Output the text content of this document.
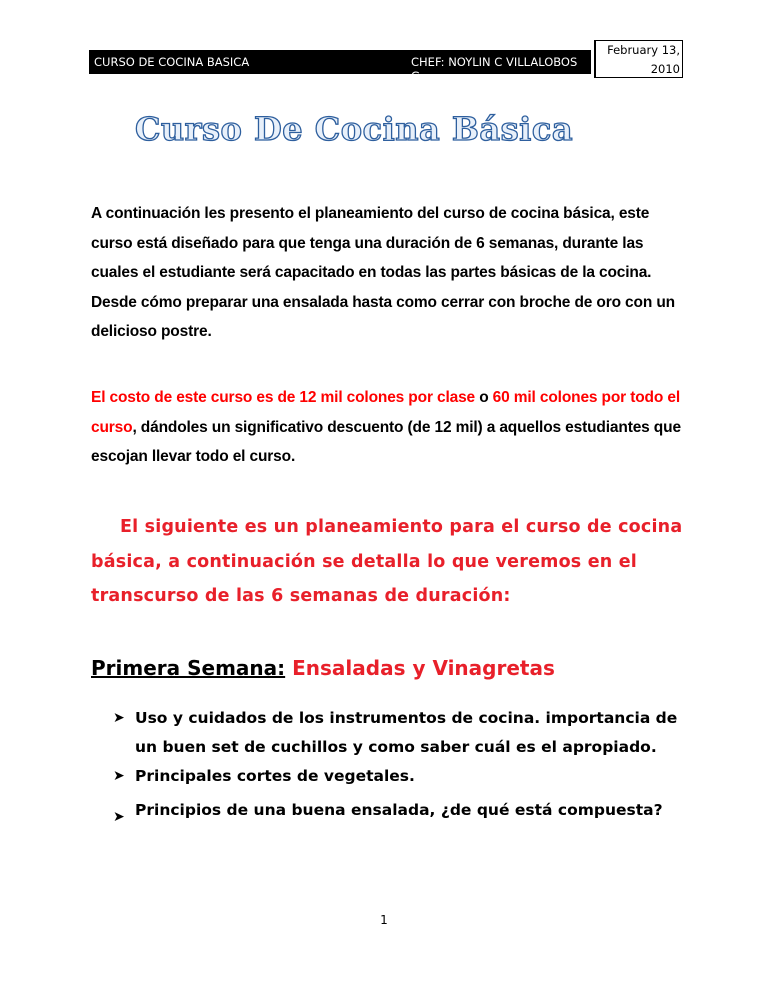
CURSO DE COCINA BASICA	CHEF: NOYLIN C VILLALOBOS G.
February 13,
2010
Curso De Cocina Básica
A continuación les presento el planeamiento del curso de cocina básica, este curso está diseñado para que tenga una duración de 6 semanas, durante las cuales el estudiante será capacitado en todas las partes básicas de la cocina. Desde cómo preparar una ensalada hasta como cerrar con broche de oro con un delicioso postre.
El costo de este curso es de 12 mil colones por clase o 60 mil colones por todo el curso, dándoles un significativo descuento (de 12 mil) a aquellos estudiantes que escojan llevar todo el curso.
El siguiente es un planeamiento para el curso de cocina básica, a continuación se detalla lo que veremos en el transcurso de las 6 semanas de duración:
Primera Semana: Ensaladas y Vinagretas
➤ Uso y cuidados de los instrumentos de cocina. importancia de un buen set de cuchillos y como saber cuál es el apropiado.
➤ Principales cortes de vegetales.
➤ Principios de una buena ensalada, ¿de qué está compuesta?
1
